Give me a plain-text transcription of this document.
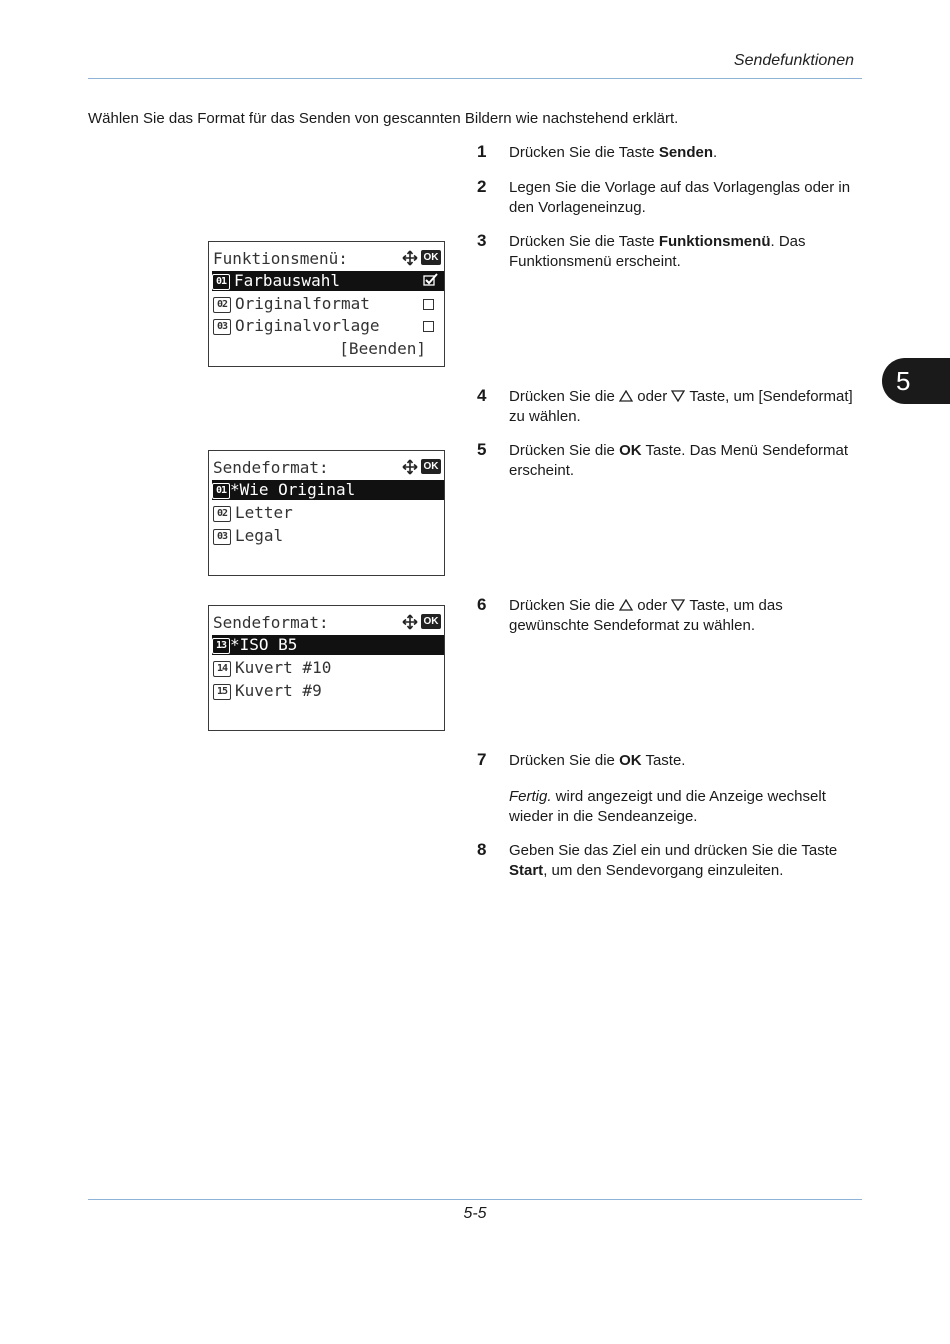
Sendefunktionen
Wählen Sie das Format für das Senden von gescannten Bildern wie nachstehend erklärt.
5
1 Drücken Sie die Taste Senden.
2 Legen Sie die Vorlage auf das Vorlagenglas oder in den Vorlageneinzug.
3 Drücken Sie die Taste Funktionsmenü. Das Funktionsmenü erscheint.
4 Drücken Sie die
oder
Taste, um [Sendeformat] zu wählen.
5 Drücken Sie die OK Taste. Das Menü Sendeformat erscheint.
6 Drücken Sie die
oder
Taste, um das gewünschte Sendeformat zu wählen.
7 Drücken Sie die OK Taste.
Fertig. wird angezeigt und die Anzeige wechselt wieder in die Sendeanzeige.
8 Geben Sie das Ziel ein und drücken Sie die Taste Start, um den Sendevorgang einzuleiten.
Funktionsmenü:	OK
01 Farbauswahl

02 Originalformat
03 Originalvorlage
[Beenden]
Sendeformat:	OK
01 *Wie Original
02 Letter
03 Legal
Sendeformat:	OK
13 *ISO B5
14 Kuvert #10
15 Kuvert #9
5-5
